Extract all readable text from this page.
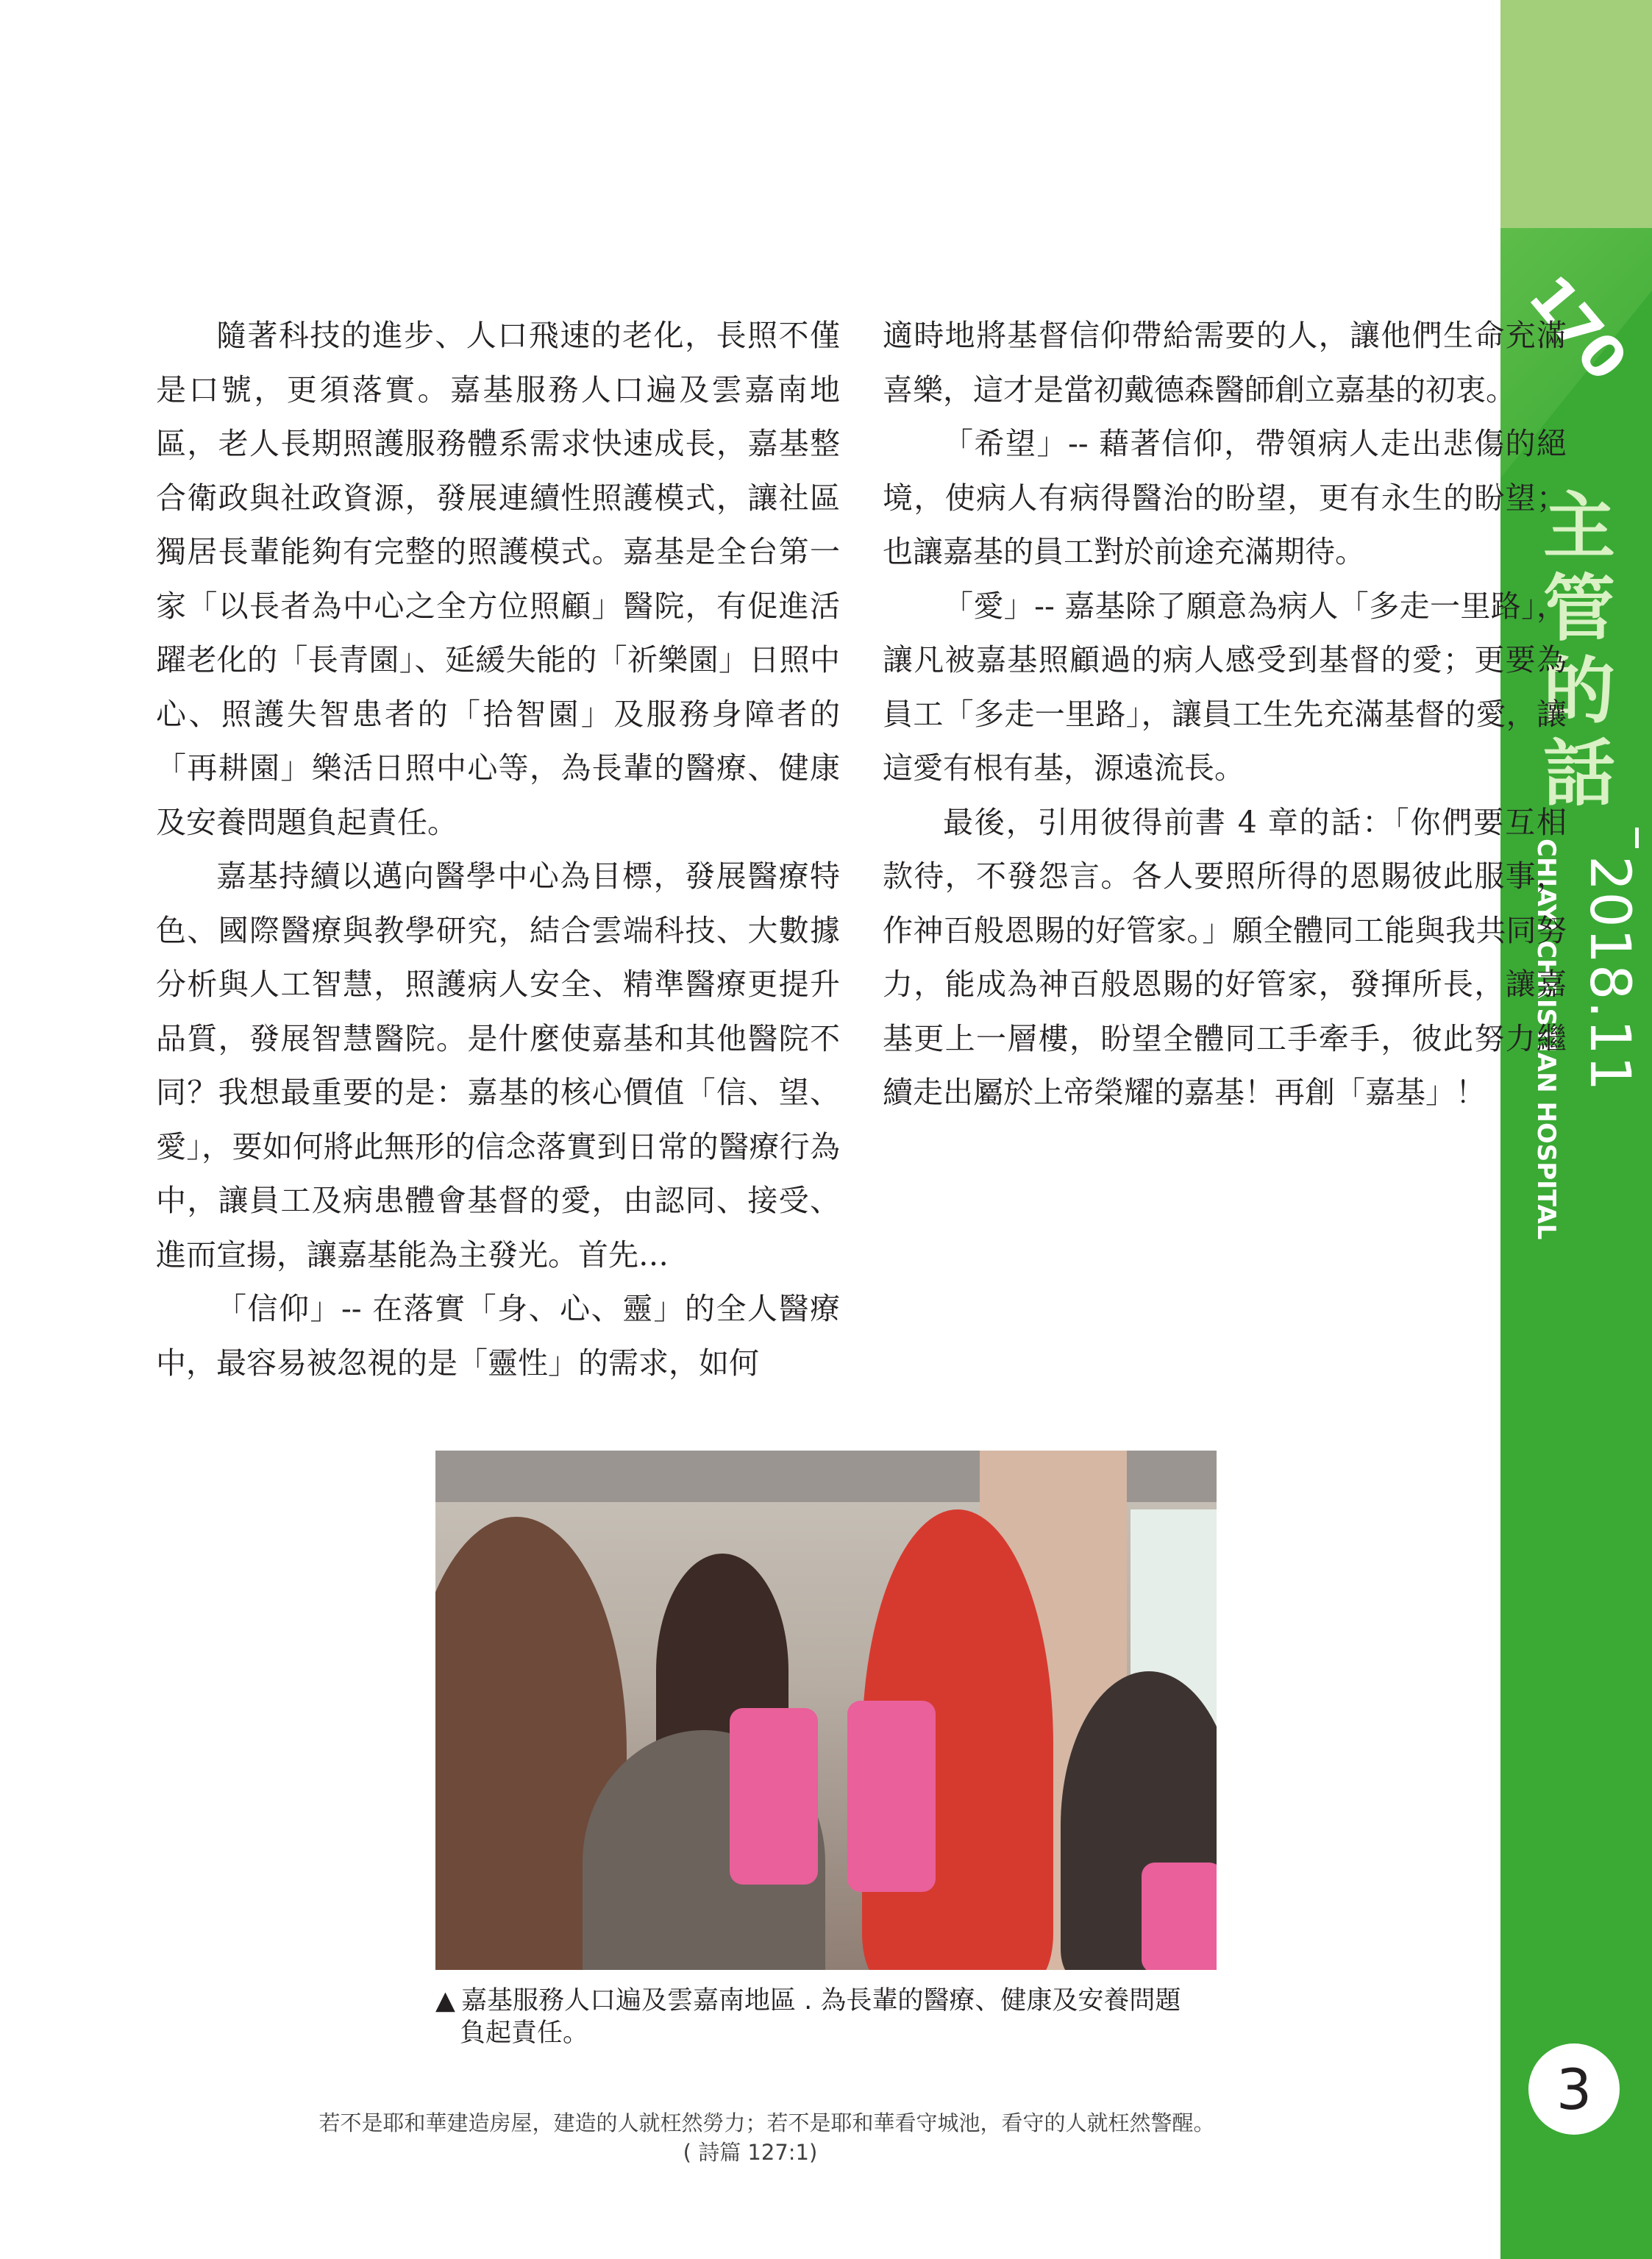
170
主管的話
2018.11
CHIAYI CHRISTIAN HOSPITAL
3

隨著科技的進步、人口飛速的老化，長照不僅是口號，更須落實。嘉基服務人口遍及雲嘉南地區，老人長期照護服務體系需求快速成長，嘉基整合衛政與社政資源，發展連續性照護模式，讓社區獨居長輩能夠有完整的照護模式。嘉基是全台第一家「以長者為中心之全方位照顧」醫院，有促進活躍老化的「長青園」、延緩失能的「祈樂園」日照中心、照護失智患者的「拾智園」及服務身障者的「再耕園」樂活日照中心等，為長輩的醫療、健康及安養問題負起責任。

嘉基持續以邁向醫學中心為目標，發展醫療特色、國際醫療與教學研究，結合雲端科技、大數據分析與人工智慧，照護病人安全、精準醫療更提升品質，發展智慧醫院。是什麼使嘉基和其他醫院不同？我想最重要的是：嘉基的核心價值「信、望、愛」，要如何將此無形的信念落實到日常的醫療行為中，讓員工及病患體會基督的愛，由認同、接受、進而宣揚，讓嘉基能為主發光。首先…

「信仰」-- 在落實「身、心、靈」的全人醫療中，最容易被忽視的是「靈性」的需求，如何

適時地將基督信仰帶給需要的人，讓他們生命充滿喜樂，這才是當初戴德森醫師創立嘉基的初衷。

「希望」-- 藉著信仰，帶領病人走出悲傷的絕境，使病人有病得醫治的盼望，更有永生的盼望；也讓嘉基的員工對於前途充滿期待。

「愛」-- 嘉基除了願意為病人「多走一里路」，讓凡被嘉基照顧過的病人感受到基督的愛；更要為員工「多走一里路」，讓員工生先充滿基督的愛，讓這愛有根有基，源遠流長。

最後，引用彼得前書 4 章的話：「你們要互相款待，不發怨言。各人要照所得的恩賜彼此服事，作神百般恩賜的好管家。」願全體同工能與我共同努力，能成為神百般恩賜的好管家，發揮所長，讓嘉基更上一層樓，盼望全體同工手牽手，彼此努力繼續走出屬於上帝榮耀的嘉基！再創「嘉基」！

▲ 嘉基服務人口遍及雲嘉南地區 . 為長輩的醫療、健康及安養問題
負起責任。
若不是耶和華建造房屋，建造的人就枉然勞力；若不是耶和華看守城池，看守的人就枉然警醒。
( 詩篇 127:1)
